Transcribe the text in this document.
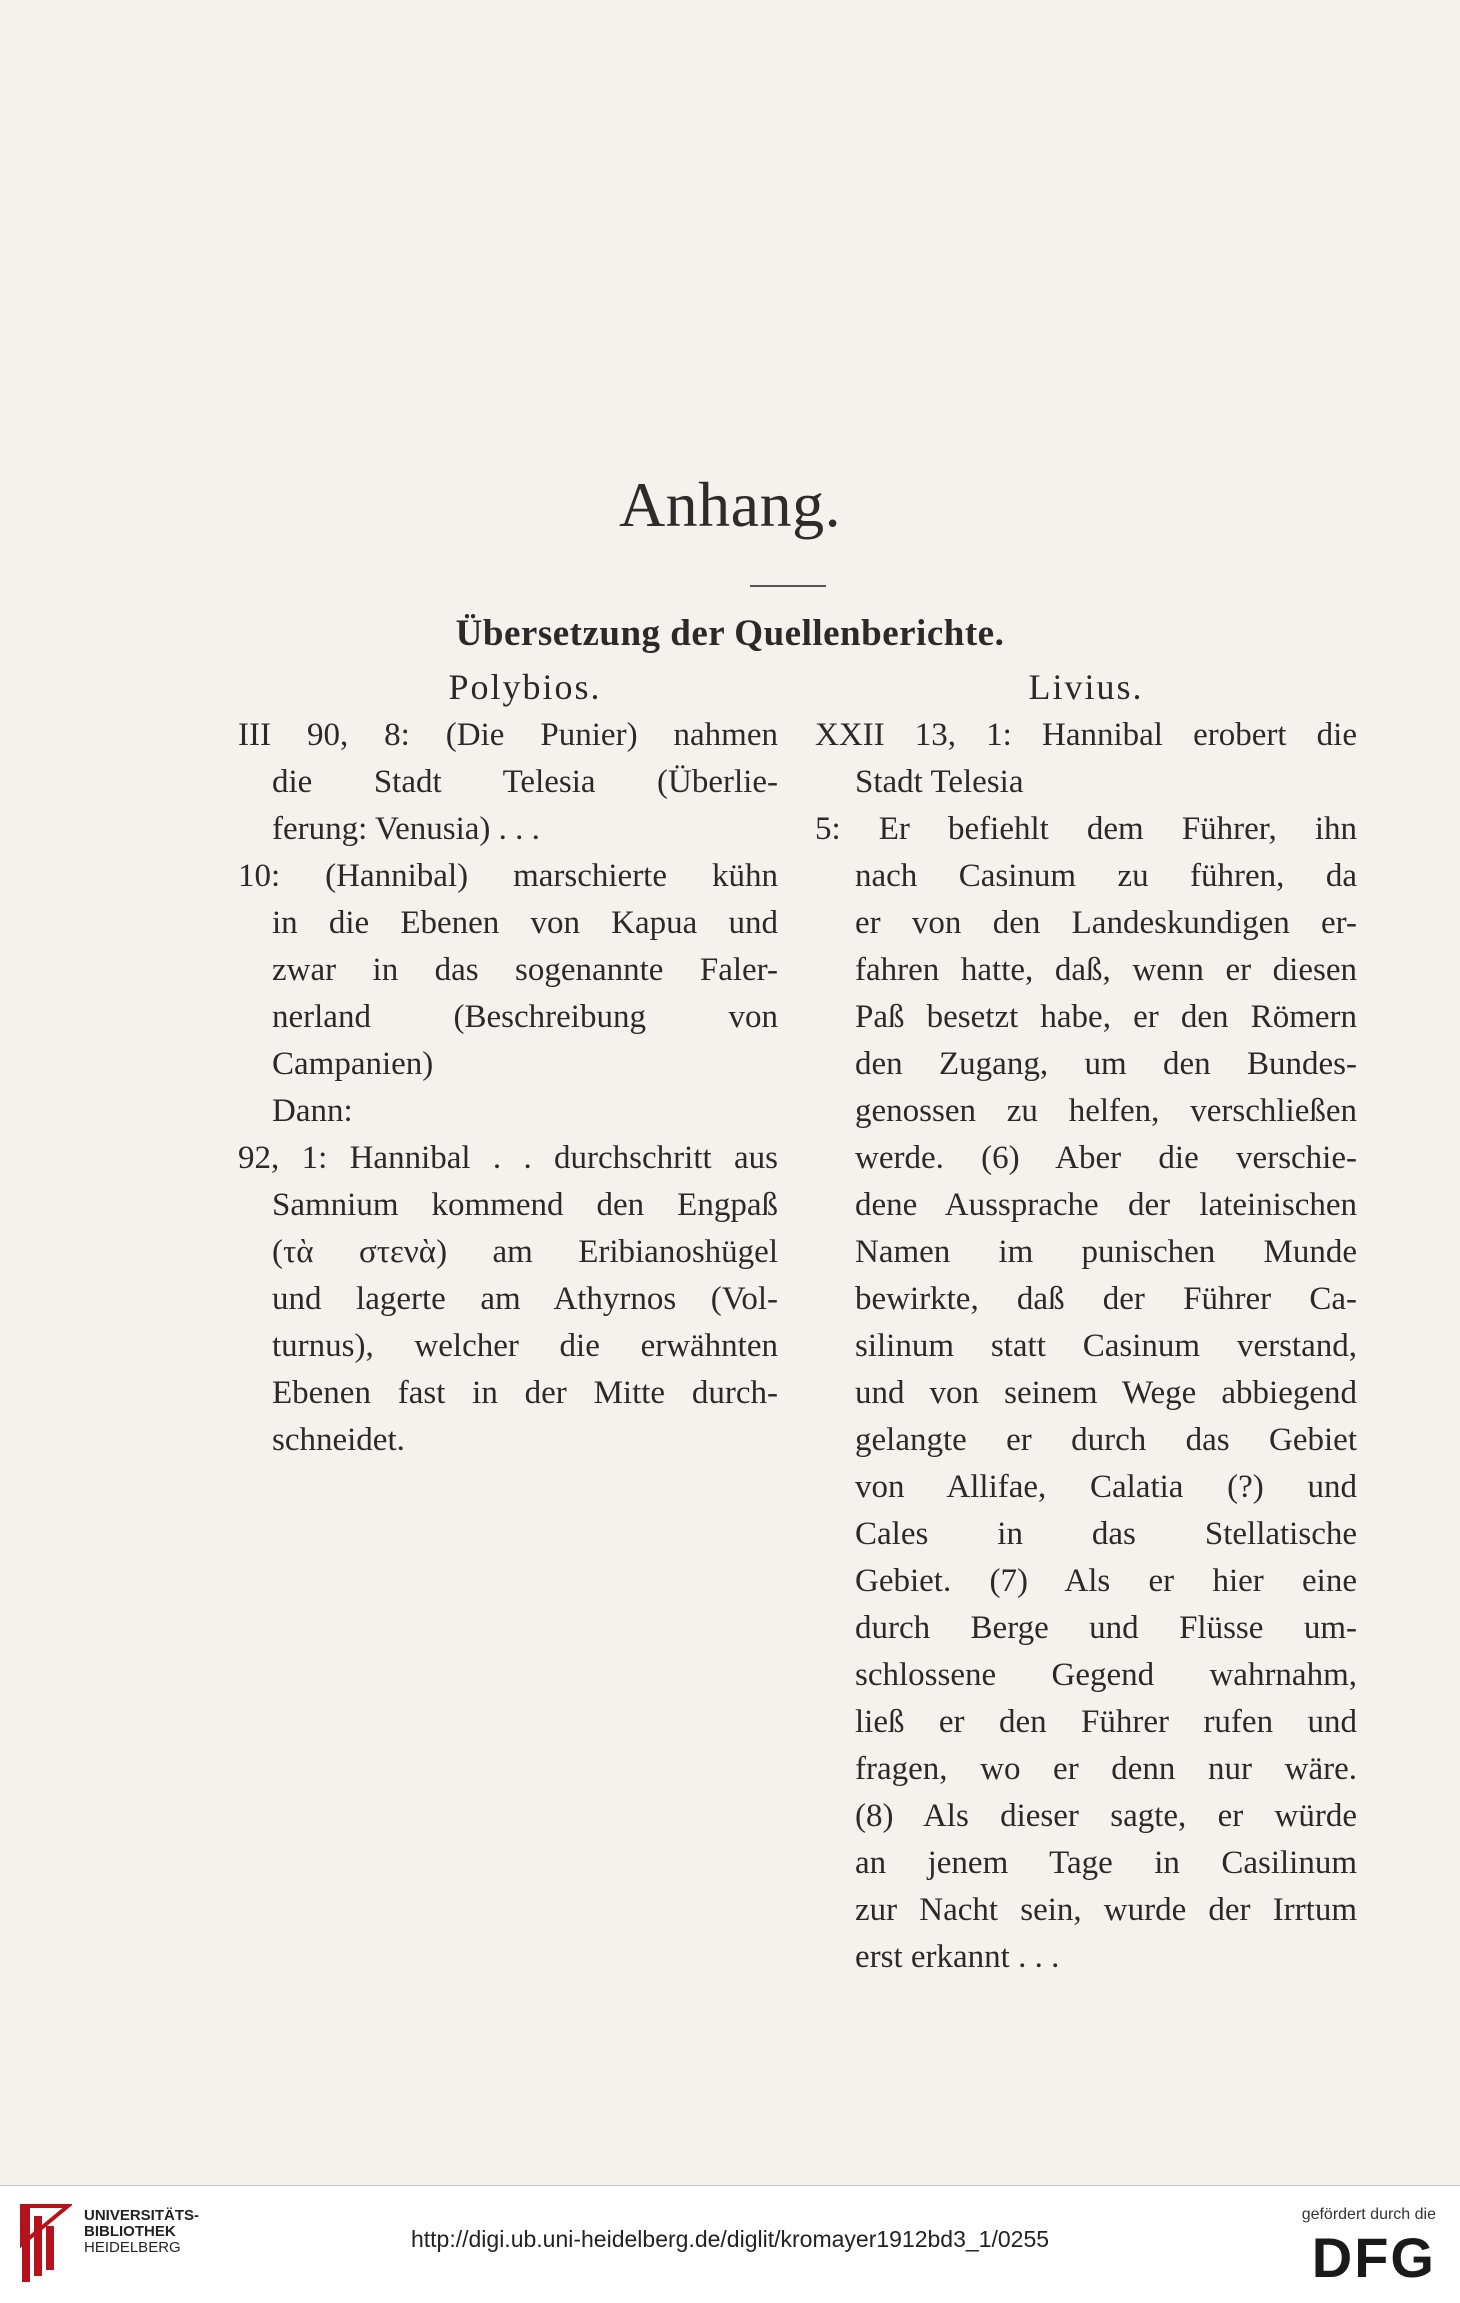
Anhang.
Übersetzung der Quellenberichte.
Polybios.	Livius.
III 90, 8: (Die Punier) nahmen
die Stadt Telesia (Überlie-
ferung: Venusia) . . .
10: (Hannibal) marschierte kühn
in die Ebenen von Kapua und
zwar in das sogenannte Faler-
nerland (Beschreibung von
Campanien)
Dann:
92, 1: Hannibal . . durchschritt aus
Samnium kommend den Engpaß
(τὰ στενὰ) am Eribianoshügel
und lagerte am Athyrnos (Vol-
turnus), welcher die erwähnten
Ebenen fast in der Mitte durch-
schneidet.
XXII 13, 1: Hannibal erobert die
Stadt Telesia
5: Er befiehlt dem Führer, ihn
nach Casinum zu führen, da
er von den Landeskundigen er-
fahren hatte, daß, wenn er diesen
Paß besetzt habe, er den Römern
den Zugang, um den Bundes-
genossen zu helfen, verschließen
werde. (6) Aber die verschie-
dene Aussprache der lateinischen
Namen im punischen Munde
bewirkte, daß der Führer Ca-
silinum statt Casinum verstand,
und von seinem Wege abbiegend
gelangte er durch das Gebiet
von Allifae, Calatia (?) und
Cales in das Stellatische
Gebiet. (7) Als er hier eine
durch Berge und Flüsse um-
schlossene Gegend wahrnahm,
ließ er den Führer rufen und
fragen, wo er denn nur wäre.
(8) Als dieser sagte, er würde
an jenem Tage in Casilinum
zur Nacht sein, wurde der Irrtum
erst erkannt . . .
UNIVERSITÄTS-
BIBLIOTHEK
HEIDELBERG	http://digi.ub.uni-heidelberg.de/diglit/kromayer1912bd3_1/0255
gefördert durch die
DFG
